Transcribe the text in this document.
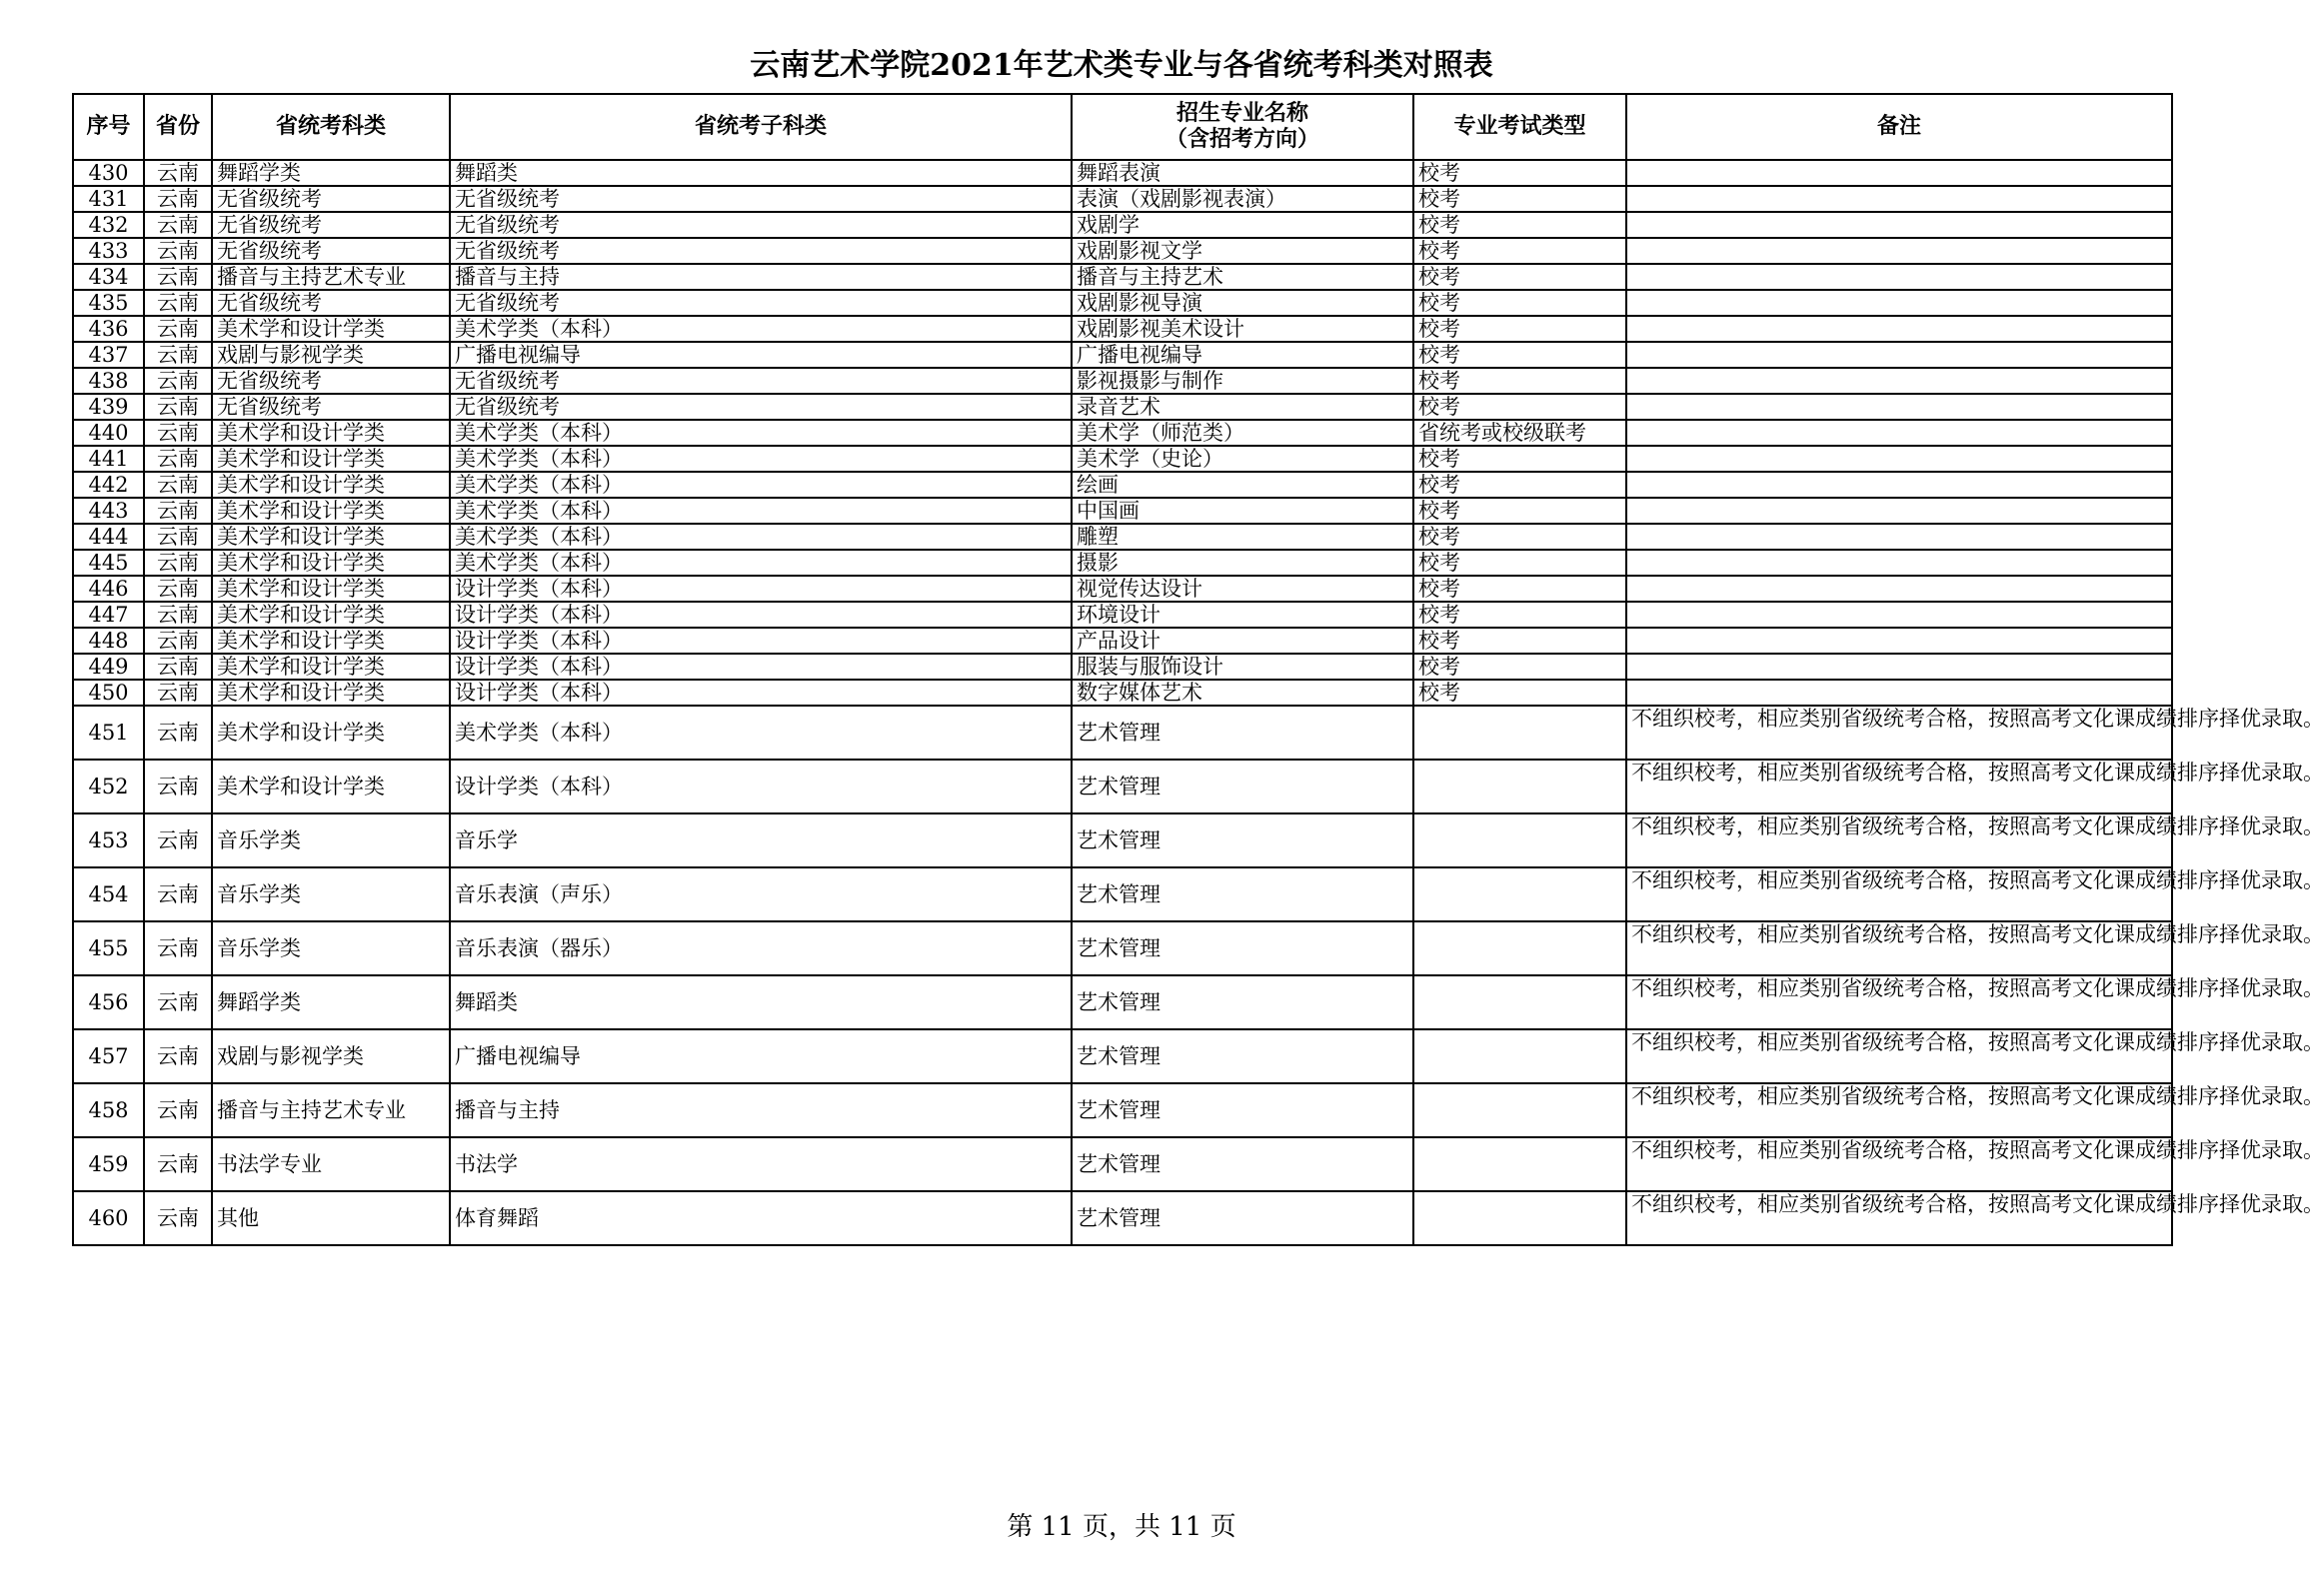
云南艺术学院2021年艺术类专业与各省统考科类对照表
序号	省份	省统考科类	省统考子科类	招生专业名称
（含招考方向）	专业考试类型	备注
430	云南	舞蹈学类	舞蹈类	舞蹈表演	校考	
431	云南	无省级统考	无省级统考	表演（戏剧影视表演）	校考	
432	云南	无省级统考	无省级统考	戏剧学	校考	
433	云南	无省级统考	无省级统考	戏剧影视文学	校考	
434	云南	播音与主持艺术专业	播音与主持	播音与主持艺术	校考	
435	云南	无省级统考	无省级统考	戏剧影视导演	校考	
436	云南	美术学和设计学类	美术学类（本科）	戏剧影视美术设计	校考	
437	云南	戏剧与影视学类	广播电视编导	广播电视编导	校考	
438	云南	无省级统考	无省级统考	影视摄影与制作	校考	
439	云南	无省级统考	无省级统考	录音艺术	校考	
440	云南	美术学和设计学类	美术学类（本科）	美术学（师范类）	省统考或校级联考	
441	云南	美术学和设计学类	美术学类（本科）	美术学（史论）	校考	
442	云南	美术学和设计学类	美术学类（本科）	绘画	校考	
443	云南	美术学和设计学类	美术学类（本科）	中国画	校考	
444	云南	美术学和设计学类	美术学类（本科）	雕塑	校考	
445	云南	美术学和设计学类	美术学类（本科）	摄影	校考	
446	云南	美术学和设计学类	设计学类（本科）	视觉传达设计	校考	
447	云南	美术学和设计学类	设计学类（本科）	环境设计	校考	
448	云南	美术学和设计学类	设计学类（本科）	产品设计	校考	
449	云南	美术学和设计学类	设计学类（本科）	服装与服饰设计	校考	
450	云南	美术学和设计学类	设计学类（本科）	数字媒体艺术	校考	
451	云南	美术学和设计学类	美术学类（本科）	艺术管理		不组织校考，相应类别省级统考合格，按照高考文化课成绩排序择优录取。
452	云南	美术学和设计学类	设计学类（本科）	艺术管理		不组织校考，相应类别省级统考合格，按照高考文化课成绩排序择优录取。
453	云南	音乐学类	音乐学	艺术管理		不组织校考，相应类别省级统考合格，按照高考文化课成绩排序择优录取。
454	云南	音乐学类	音乐表演（声乐）	艺术管理		不组织校考，相应类别省级统考合格，按照高考文化课成绩排序择优录取。
455	云南	音乐学类	音乐表演（器乐）	艺术管理		不组织校考，相应类别省级统考合格，按照高考文化课成绩排序择优录取。
456	云南	舞蹈学类	舞蹈类	艺术管理		不组织校考，相应类别省级统考合格，按照高考文化课成绩排序择优录取。
457	云南	戏剧与影视学类	广播电视编导	艺术管理		不组织校考，相应类别省级统考合格，按照高考文化课成绩排序择优录取。
458	云南	播音与主持艺术专业	播音与主持	艺术管理		不组织校考，相应类别省级统考合格，按照高考文化课成绩排序择优录取。
459	云南	书法学专业	书法学	艺术管理		不组织校考，相应类别省级统考合格，按照高考文化课成绩排序择优录取。
460	云南	其他	体育舞蹈	艺术管理		不组织校考，相应类别省级统考合格，按照高考文化课成绩排序择优录取。
第 11 页，共 11 页
